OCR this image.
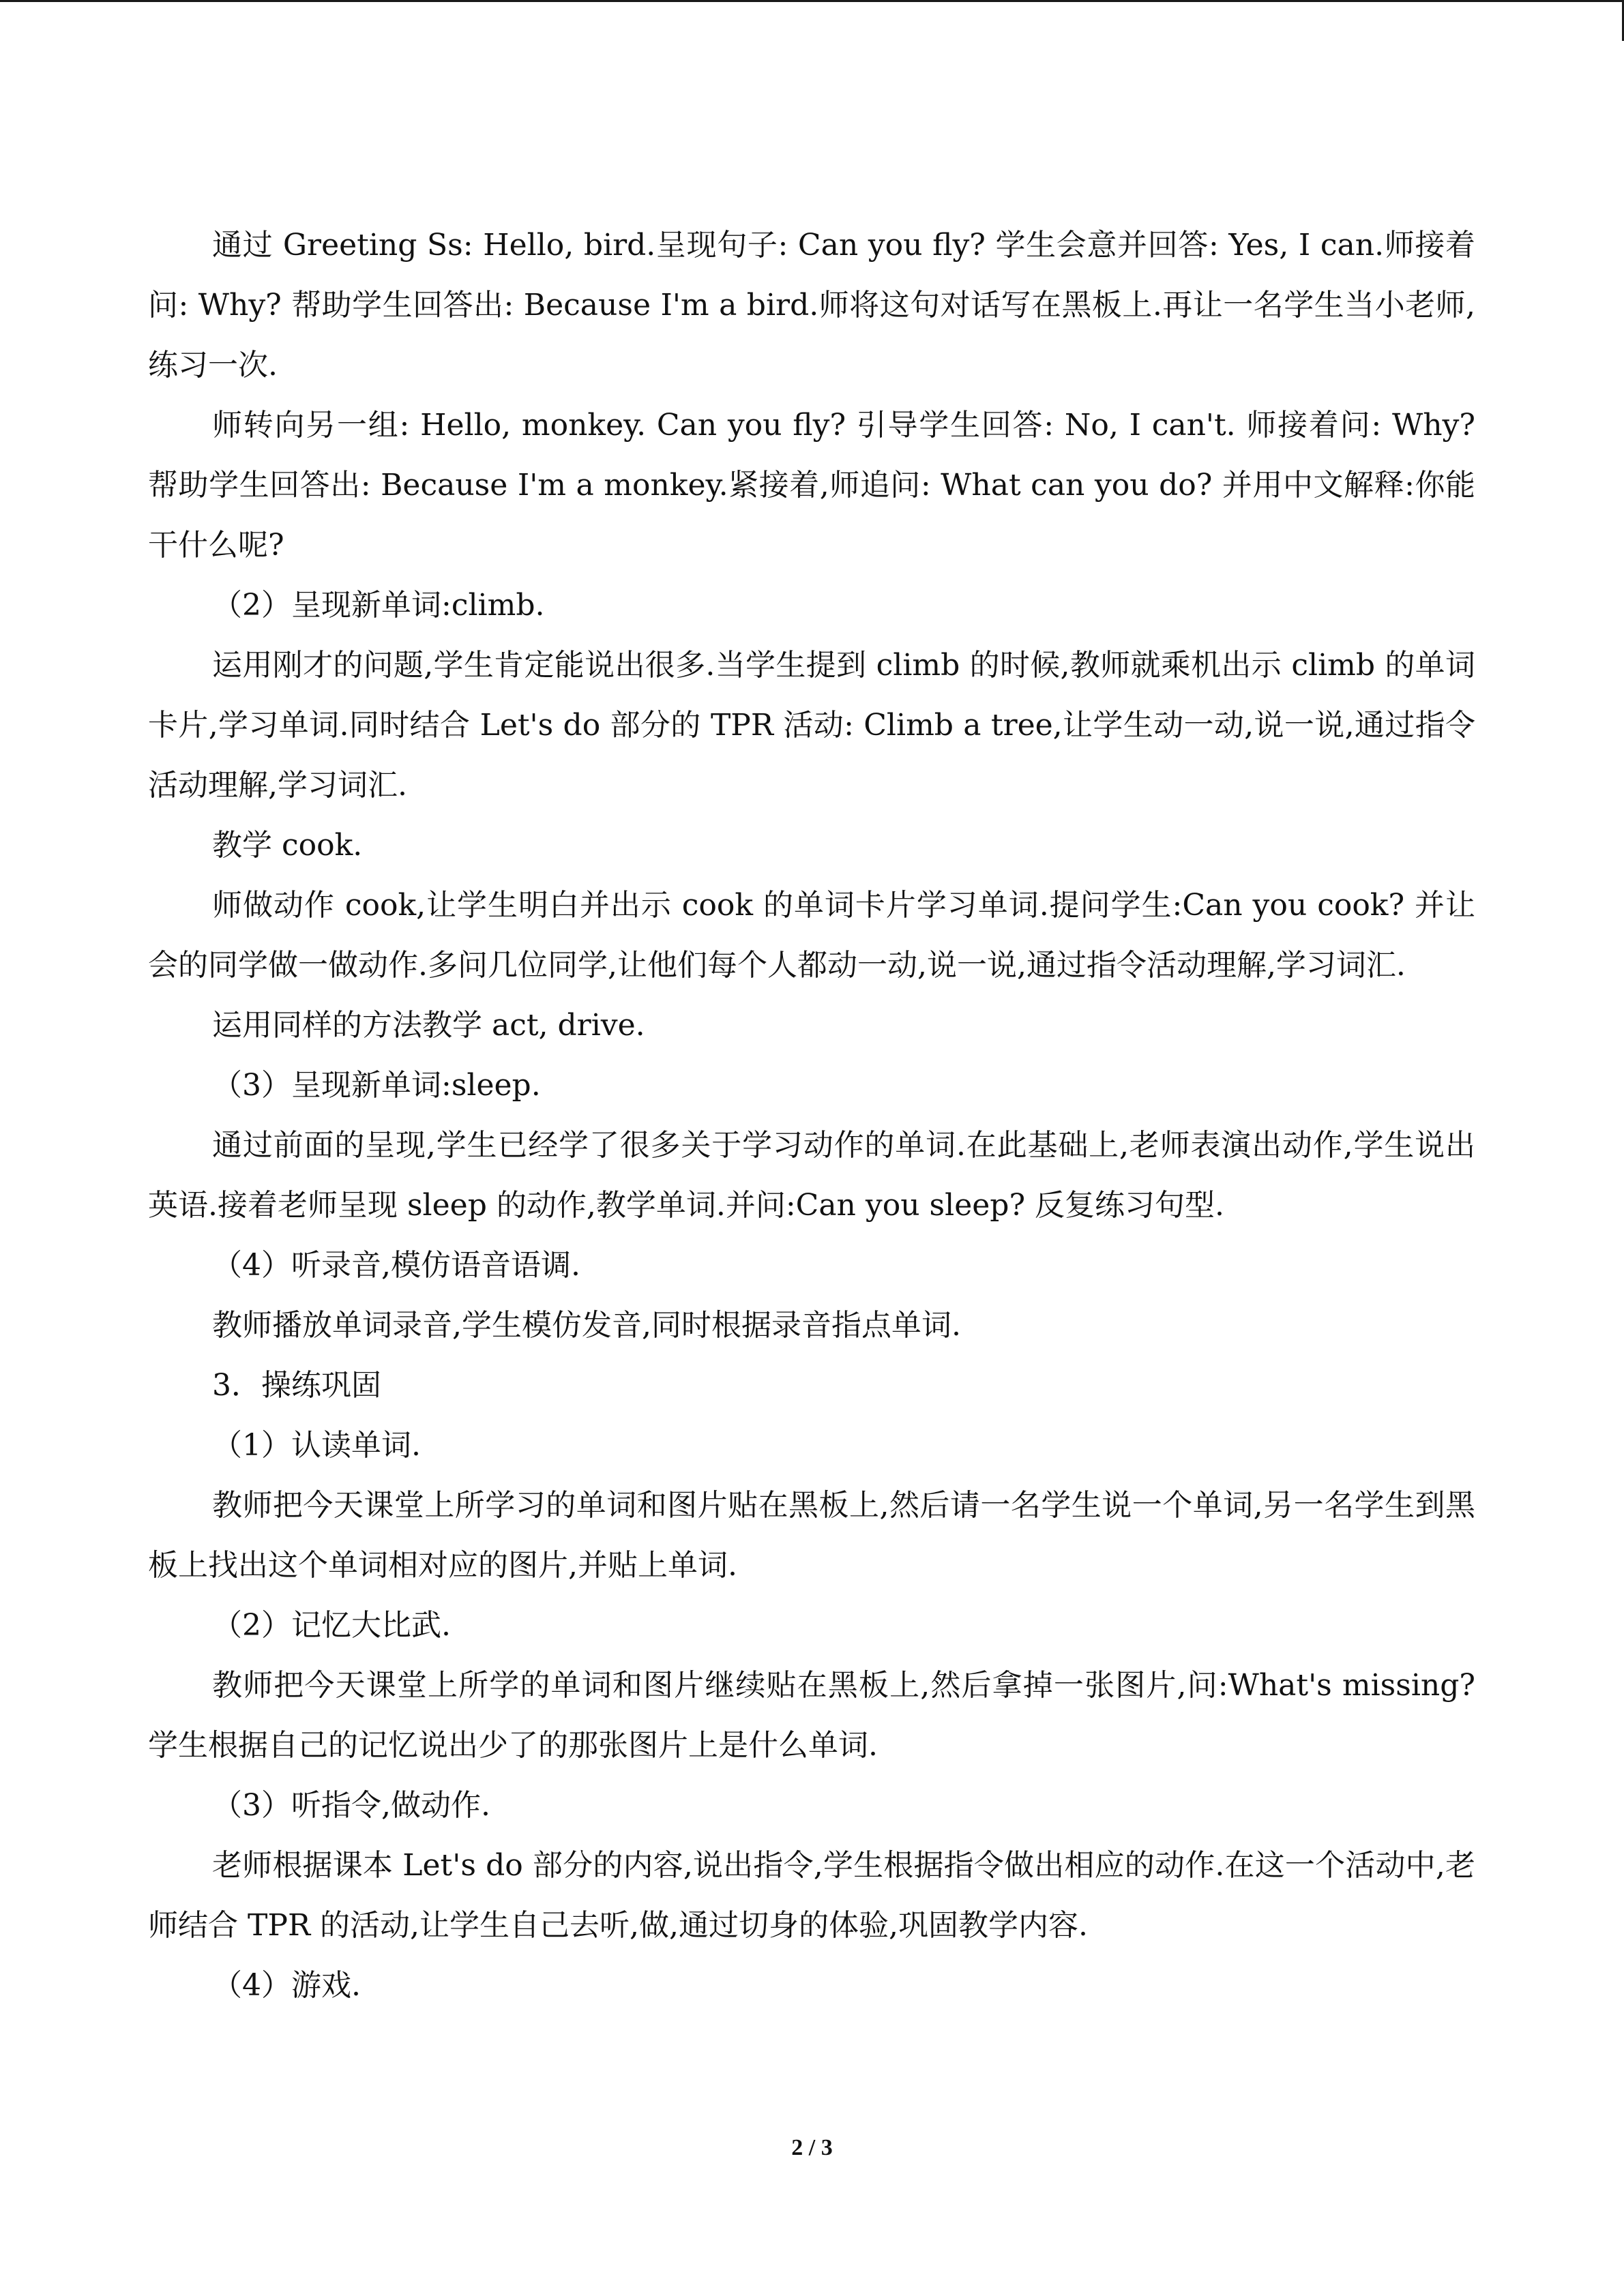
通过 Greeting Ss: Hello, bird.呈现句子: Can you fly? 学生会意并回答: Yes, I can.师接着问: Why? 帮助学生回答出: Because I'm a bird.师将这句对话写在黑板上.再让一名学生当小老师,练习一次.

师转向另一组: Hello, monkey. Can you fly? 引导学生回答: No, I can't. 师接着问: Why? 帮助学生回答出: Because I'm a monkey.紧接着,师追问: What can you do? 并用中文解释:你能干什么呢?

（2）呈现新单词:climb.

运用刚才的问题,学生肯定能说出很多.当学生提到 climb 的时候,教师就乘机出示 climb 的单词卡片,学习单词.同时结合 Let's do 部分的 TPR 活动: Climb a tree,让学生动一动,说一说,通过指令活动理解,学习词汇.

教学 cook.

师做动作 cook,让学生明白并出示 cook 的单词卡片学习单词.提问学生:Can you cook? 并让会的同学做一做动作.多问几位同学,让他们每个人都动一动,说一说,通过指令活动理解,学习词汇.

运用同样的方法教学 act, drive.

（3）呈现新单词:sleep.

通过前面的呈现,学生已经学了很多关于学习动作的单词.在此基础上,老师表演出动作,学生说出英语.接着老师呈现 sleep 的动作,教学单词.并问:Can you sleep? 反复练习句型.

（4）听录音,模仿语音语调.

教师播放单词录音,学生模仿发音,同时根据录音指点单词.

3．操练巩固

（1）认读单词.

教师把今天课堂上所学习的单词和图片贴在黑板上,然后请一名学生说一个单词,另一名学生到黑板上找出这个单词相对应的图片,并贴上单词.

（2）记忆大比武.

教师把今天课堂上所学的单词和图片继续贴在黑板上,然后拿掉一张图片,问:What's missing? 学生根据自己的记忆说出少了的那张图片上是什么单词.

（3）听指令,做动作.

老师根据课本 Let's do 部分的内容,说出指令,学生根据指令做出相应的动作.在这一个活动中,老师结合 TPR 的活动,让学生自己去听,做,通过切身的体验,巩固教学内容.

（4）游戏.

2 / 3
